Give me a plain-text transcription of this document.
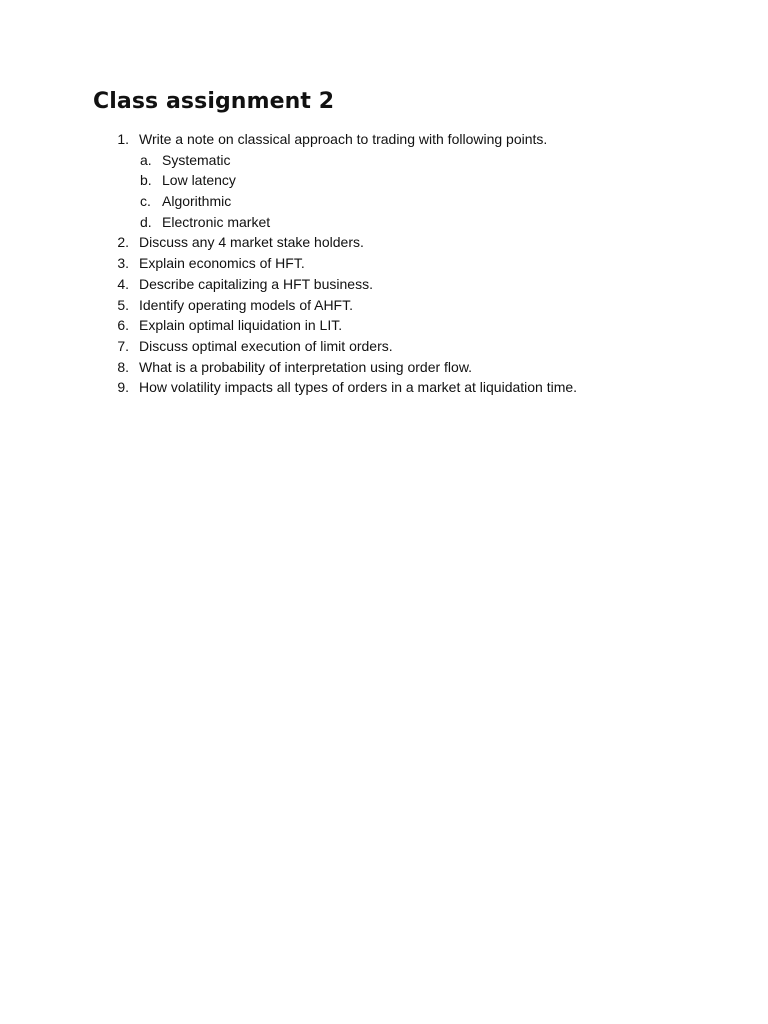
Class assignment 2
1. Write a note on classical approach to trading with following points.
a. Systematic
b. Low latency
c. Algorithmic
d. Electronic market
2. Discuss any 4 market stake holders.
3. Explain economics of HFT.
4. Describe capitalizing a HFT business.
5. Identify operating models of AHFT.
6. Explain optimal liquidation in LIT.
7. Discuss optimal execution of limit orders.
8. What is a probability of interpretation using order flow.
9. How volatility impacts all types of orders in a market at liquidation time.
